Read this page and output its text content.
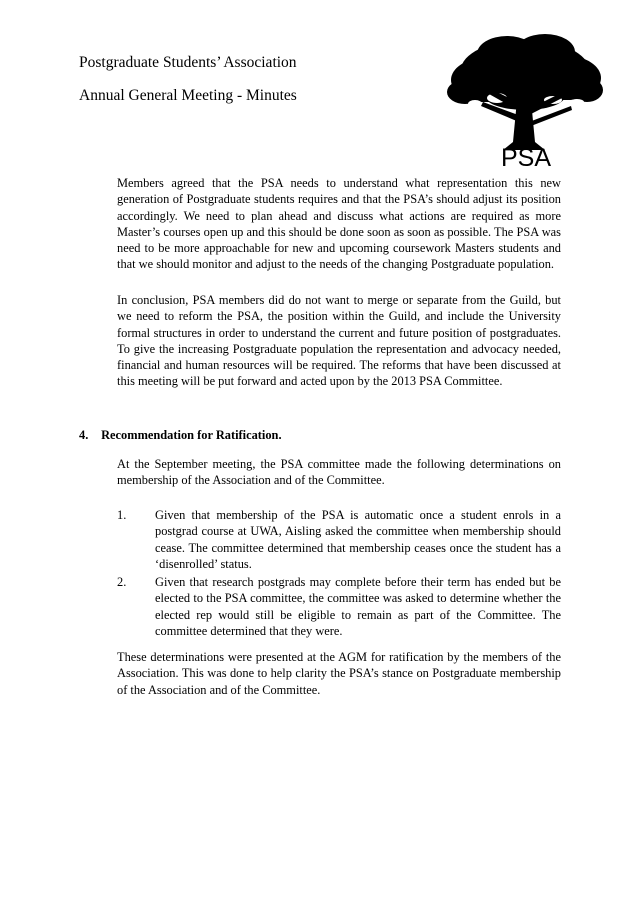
Postgraduate Students’ Association
Annual General Meeting - Minutes
PSA

Members agreed that the PSA needs to understand what representation this new generation of Postgraduate students requires and that the PSA’s should adjust its position accordingly. We need to plan ahead and discuss what actions are required as more Master’s courses open up and this should be done soon as soon as possible. The PSA was need to be more approachable for new and upcoming coursework Masters students and that we should monitor and adjust to the needs of the changing Postgraduate population.

In conclusion, PSA members did do not want to merge or separate from the Guild, but we need to reform the PSA, the position within the Guild, and include the University formal structures in order to understand the current and future position of postgraduates. To give the increasing Postgraduate population the representation and advocacy needed, financial and human resources will be required. The reforms that have been discussed at this meeting will be put forward and acted upon by the 2013 PSA Committee.

4. Recommendation for Ratification.

At the September meeting, the PSA committee made the following determinations on membership of the Association and of the Committee.

1.	Given that membership of the PSA is automatic once a student enrols in a postgrad course at UWA, Aisling asked the committee when membership should cease. The committee determined that membership ceases once the student has a ‘disenrolled’ status.
2.	Given that research postgrads may complete before their term has ended but be elected to the PSA committee, the committee was asked to determine whether the elected rep would still be eligible to remain as part of the Committee. The committee determined that they were.

These determinations were presented at the AGM for ratification by the members of the Association. This was done to help clarity the PSA’s stance on Postgraduate membership of the Association and of the Committee.
